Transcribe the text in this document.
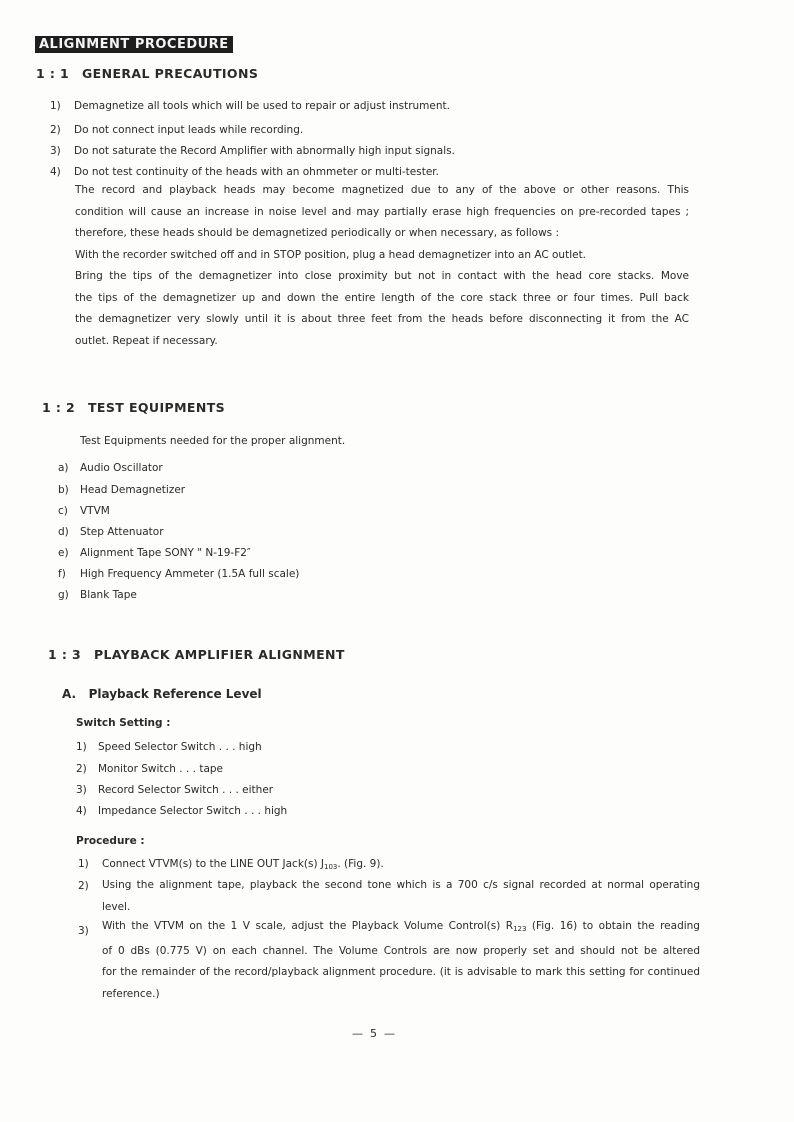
ALIGNMENT PROCEDURE
1 : 1 GENERAL PRECAUTIONS
1) Demagnetize all tools which will be used to repair or adjust instrument.
2) Do not connect input leads while recording.
3) Do not saturate the Record Amplifier with abnormally high input signals.
4) Do not test continuity of the heads with an ohmmeter or multi-tester.
The record and playback heads may become magnetized due to any of the above or other reasons. This
condition will cause an increase in noise level and may partially erase high frequencies on pre-recorded tapes ;
therefore, these heads should be demagnetized periodically or when necessary, as follows :
With the recorder switched off and in STOP position, plug a head demagnetizer into an AC outlet.
Bring the tips of the demagnetizer into close proximity but not in contact with the head core stacks. Move
the tips of the demagnetizer up and down the entire length of the core stack three or four times. Pull back
the demagnetizer very slowly until it is about three feet from the heads before disconnecting it from the AC
outlet. Repeat if necessary.
1 : 2 TEST EQUIPMENTS
Test Equipments needed for the proper alignment.
a) Audio Oscillator
b) Head Demagnetizer
c) VTVM
d) Step Attenuator
e) Alignment Tape SONY " N-19-F2″
f) High Frequency Ammeter (1.5A full scale)
g) Blank Tape
1 : 3 PLAYBACK AMPLIFIER ALIGNMENT
A.   Playback Reference Level
Switch Setting :
1) Speed Selector Switch . . . high
2) Monitor Switch . . . tape
3) Record Selector Switch . . . either
4) Impedance Selector Switch . . . high
Procedure :
1) Connect VTVM(s) to the LINE OUT Jack(s) $J_{103}$. (Fig. 9).
2) Using the alignment tape, playback the second tone which is a 700 c/s signal recorded at normal operating
level.
3) With the VTVM on the 1 V scale, adjust the Playback Volume Control(s) $R_{123}$ (Fig. 16) to obtain the reading
of 0 dBs (0.775 V) on each channel. The Volume Controls are now properly set and should not be altered
for the remainder of the record/playback alignment procedure. (it is advisable to mark this setting for continued
reference.)
—  5  —
